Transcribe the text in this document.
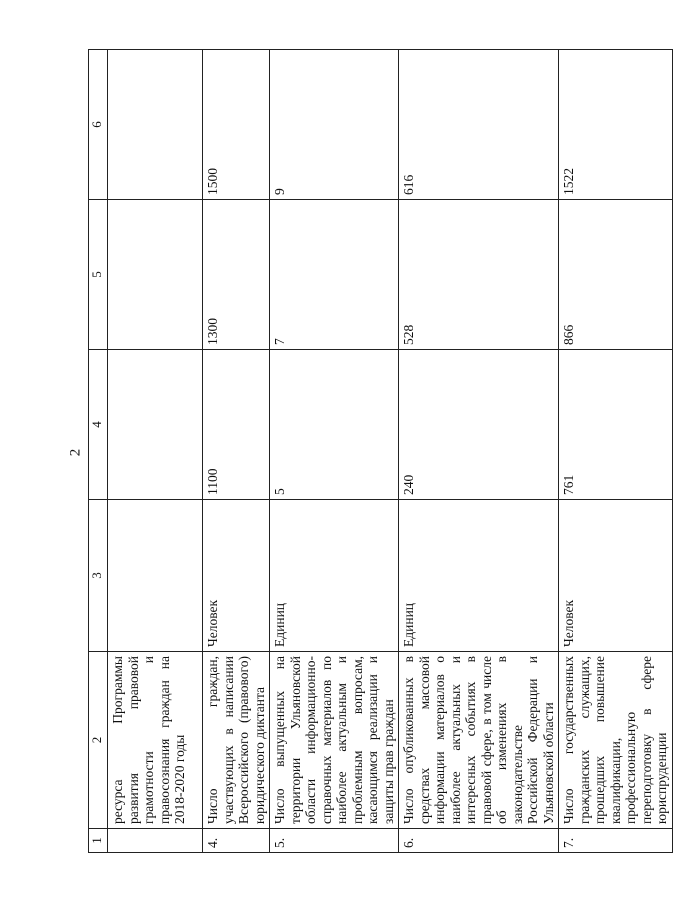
2
1	2	3	4	5	6
	ресурса Программы развития правовой грамотности и правосознания граждан на 2018-2020 годы				
4.	Число граждан, участвующих в написании Всероссийского (правового) юридического диктанта	Человек	1100	1300	1500
5.	Число выпущенных на территории Ульяновской области информационно-справочных материалов по наиболее актуальным и проблемным вопросам, касающимся реализации и защиты прав граждан	Единиц	5	7	9
6.	Число опубликованных в средствах массовой информации материалов о наиболее актуальных и интересных событиях в правовой сфере, в том числе об изменениях в законодательстве Российской Федерации и Ульяновской области	Единиц	240	528	616
7.	Число государственных гражданских служащих, прошедших повышение квалификации, профессиональную переподготовку в сфере юриспруденции	Человек	761	866	1522
